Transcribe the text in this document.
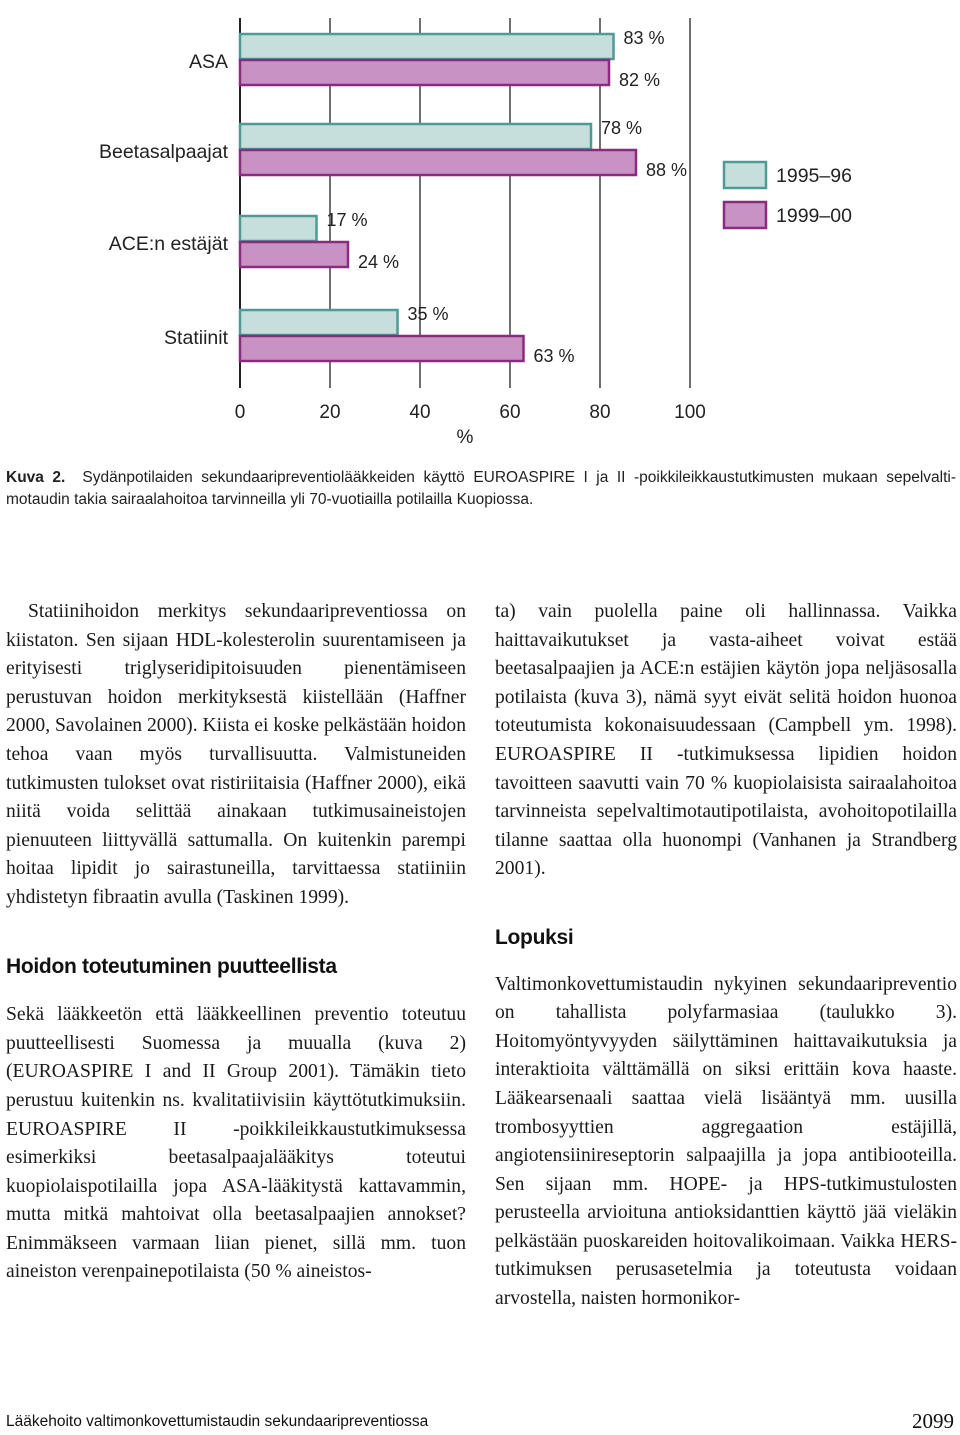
0	20	40	60	80	100
%
ASA
83 %
82 %
Beetasalpaajat
78 %
88 %
ACE:n estäjät
17 %
24 %
Statiinit
35 %
63 %
1995–96
1999–00
Kuva 2. Sydänpotilaiden sekundaaripreventiolääkkeiden käyttö EUROASPIRE I ja II -poikkileikkaustutkimusten mukaan sepelvalti-motaudin takia sairaalahoitoa tarvinneilla yli 70-vuotiailla potilailla Kuopiossa.

Statiinihoidon merkitys sekundaaripreventiossa on kiistaton. Sen sijaan HDL-kolesterolin suurentamiseen ja erityisesti triglyseridipitoisuuden pienentämiseen perustuvan hoidon merkityksestä kiistellään (Haffner 2000, Savolainen 2000). Kiista ei koske pelkästään hoidon tehoa vaan myös turvallisuutta. Valmistuneiden tutkimusten tulokset ovat ristiriitaisia (Haffner 2000), eikä niitä voida selittää ainakaan tutkimusaineistojen pienuuteen liittyvällä sattumalla. On kuitenkin parempi hoitaa lipidit jo sairastuneilla, tarvittaessa statiiniin yhdistetyn fibraatin avulla (Taskinen 1999).

Hoidon toteutuminen puutteellista

Sekä lääkkeetön että lääkkeellinen preventio toteutuu puutteellisesti Suomessa ja muualla (kuva 2) (EUROASPIRE I and II Group 2001). Tämäkin tieto perustuu kuitenkin ns. kvalitatiivisiin käyttötutkimuksiin. EUROASPIRE II -poikkileikkaustutkimuksessa esimerkiksi beetasalpaajalääkitys toteutui kuopiolaispotilailla jopa ASA-lääkitystä kattavammin, mutta mitkä mahtoivat olla beetasalpaajien annokset? Enimmäkseen varmaan liian pienet, sillä mm. tuon aineiston verenpainepotilaista (50 % aineistos-

ta) vain puolella paine oli hallinnassa. Vaikka haittavaikutukset ja vasta-aiheet voivat estää beetasalpaajien ja ACE:n estäjien käytön jopa neljäsosalla potilaista (kuva 3), nämä syyt eivät selitä hoidon huonoa toteutumista kokonaisuudessaan (Campbell ym. 1998). EUROASPIRE II -tutkimuksessa lipidien hoidon tavoitteen saavutti vain 70 % kuopiolaisista sairaalahoitoa tarvinneista sepelvaltimotautipotilaista, avohoitopotilailla tilanne saattaa olla huonompi (Vanhanen ja Strandberg 2001).

Lopuksi

Valtimonkovettumistaudin nykyinen sekundaaripreventio on tahallista polyfarmasiaa (taulukko 3). Hoitomyöntyvyyden säilyttäminen haittavaikutuksia ja interaktioita välttämällä on siksi erittäin kova haaste. Lääkearsenaali saattaa vielä lisääntyä mm. uusilla trombosyyttien aggregaation estäjillä, angiotensiinireseptorin salpaajilla ja jopa antibiooteilla. Sen sijaan mm. HOPE- ja HPS-tutkimustulosten perusteella arvioituna antioksidanttien käyttö jää vieläkin pelkästään puoskareiden hoitovalikoimaan. Vaikka HERS-tutkimuksen perusasetelmia ja toteutusta voidaan arvostella, naisten hormonikor-

Lääkehoito valtimonkovettumistaudin sekundaaripreventiossa	2099
